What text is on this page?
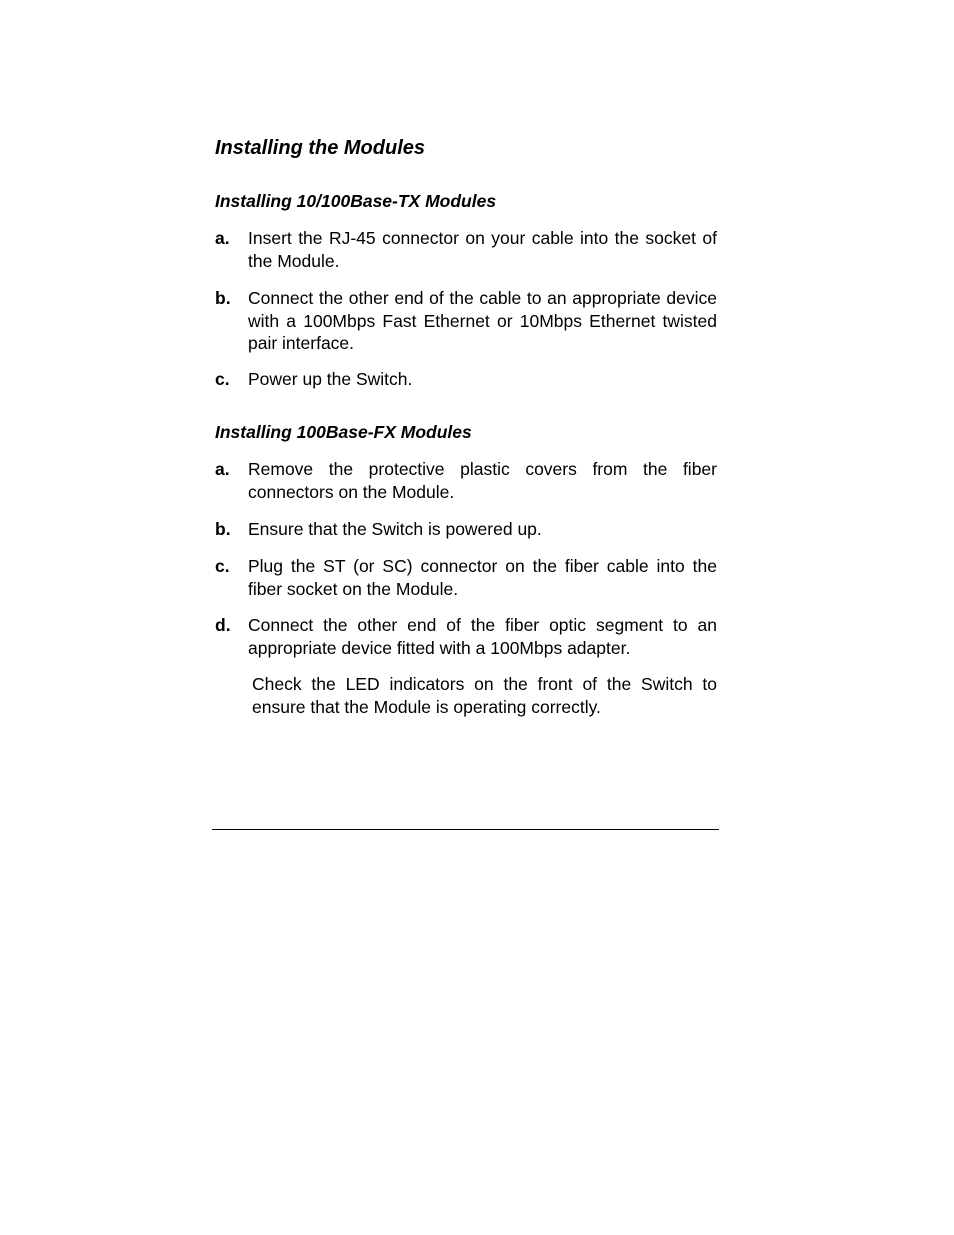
Installing the Modules
Installing 10/100Base-TX Modules
a. Insert the RJ-45 connector on your cable into the socket of the Module.
b. Connect the other end of the cable to an appropriate device with a 100Mbps Fast Ethernet or 10Mbps Ethernet twisted pair interface.
c. Power up the Switch.
Installing 100Base-FX Modules
a. Remove the protective plastic covers from the fiber connectors on the Module.
b. Ensure that the Switch is powered up.
c. Plug the ST (or SC) connector on the fiber cable into the fiber socket on the Module.
d. Connect the other end of the fiber optic segment to an appropriate device fitted with a 100Mbps adapter.

Check the LED indicators on the front of the Switch to ensure that the Module is operating correctly.
